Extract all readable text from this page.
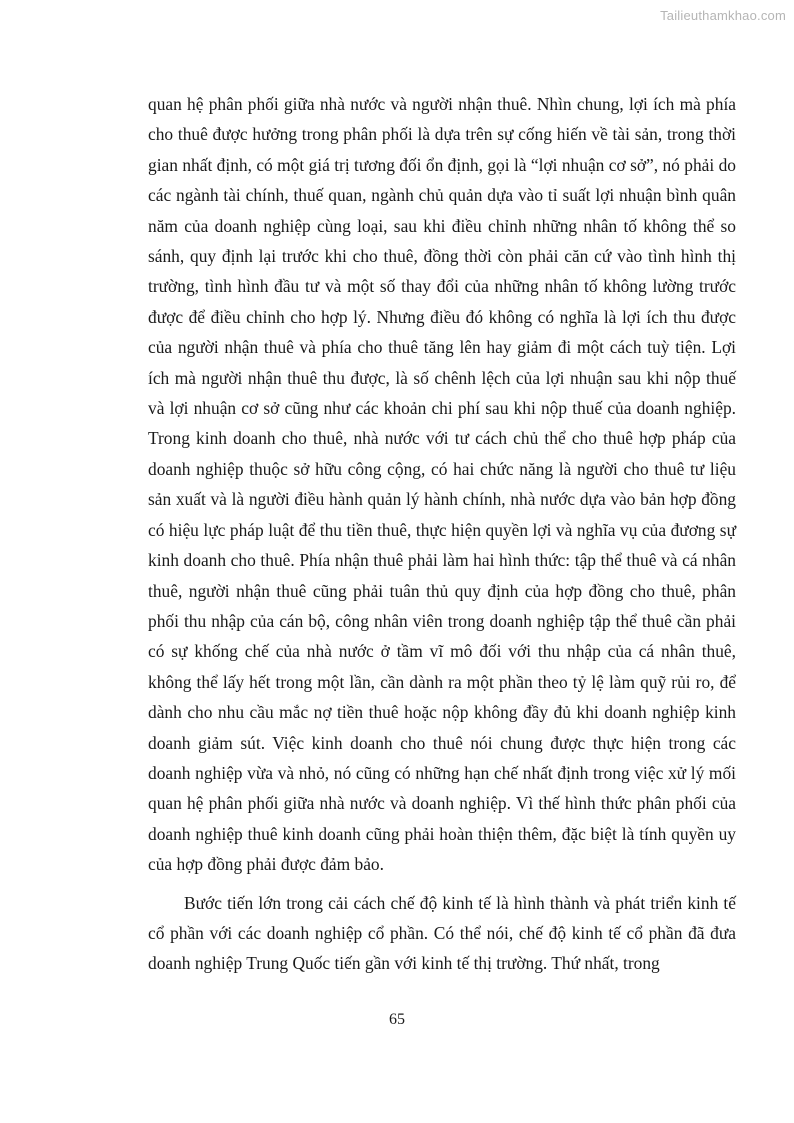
Tailieuthamkhao.com

quan hệ phân phối giữa nhà nước và người nhận thuê. Nhìn chung, lợi ích mà phía cho thuê được hưởng trong phân phối là dựa trên sự cống hiến về tài sản, trong thời gian nhất định, có một giá trị tương đối ổn định, gọi là “lợi nhuận cơ sở”, nó phải do các ngành tài chính, thuế quan, ngành chủ quản dựa vào tỉ suất lợi nhuận bình quân năm của doanh nghiệp cùng loại, sau khi điều chỉnh những nhân tố không thể so sánh, quy định lại trước khi cho thuê, đồng thời còn phải căn cứ vào tình hình thị trường, tình hình đầu tư và một số thay đổi của những nhân tố không lường trước được để điều chỉnh cho hợp lý. Nhưng điều đó không có nghĩa là lợi ích thu được của người nhận thuê và phía cho thuê tăng lên hay giảm đi một cách tuỳ tiện. Lợi ích mà người nhận thuê thu được, là số chênh lệch của lợi nhuận sau khi nộp thuế và lợi nhuận cơ sở cũng như các khoản chi phí sau khi nộp thuế của doanh nghiệp. Trong kinh doanh cho thuê, nhà nước với tư cách chủ thể cho thuê hợp pháp của doanh nghiệp thuộc sở hữu công cộng, có hai chức năng là người cho thuê tư liệu sản xuất và là người điều hành quản lý hành chính, nhà nước dựa vào bản hợp đồng có hiệu lực pháp luật để thu tiền thuê, thực hiện quyền lợi và nghĩa vụ của đương sự kinh doanh cho thuê. Phía nhận thuê phải làm hai hình thức: tập thể thuê và cá nhân thuê, người nhận thuê cũng phải tuân thủ quy định của hợp đồng cho thuê, phân phối thu nhập của cán bộ, công nhân viên trong doanh nghiệp tập thể thuê cần phải có sự khống chế của nhà nước ở tầm vĩ mô đối với thu nhập của cá nhân thuê, không thể lấy hết trong một lần, cần dành ra một phần theo tỷ lệ làm quỹ rủi ro, để dành cho nhu cầu mắc nợ tiền thuê hoặc nộp không đầy đủ khi doanh nghiệp kinh doanh giảm sút. Việc kinh doanh cho thuê nói chung được thực hiện trong các doanh nghiệp vừa và nhỏ, nó cũng có những hạn chế nhất định trong việc xử lý mối quan hệ phân phối giữa nhà nước và doanh nghiệp. Vì thế hình thức phân phối của doanh nghiệp thuê kinh doanh cũng phải hoàn thiện thêm, đặc biệt là tính quyền uy của hợp đồng phải được đảm bảo.

Bước tiến lớn trong cải cách chế độ kinh tế là hình thành và phát triển kinh tế cổ phần với các doanh nghiệp cổ phần. Có thể nói, chế độ kinh tế cổ phần đã đưa doanh nghiệp Trung Quốc tiến gần với kinh tế thị trường. Thứ nhất, trong

65
